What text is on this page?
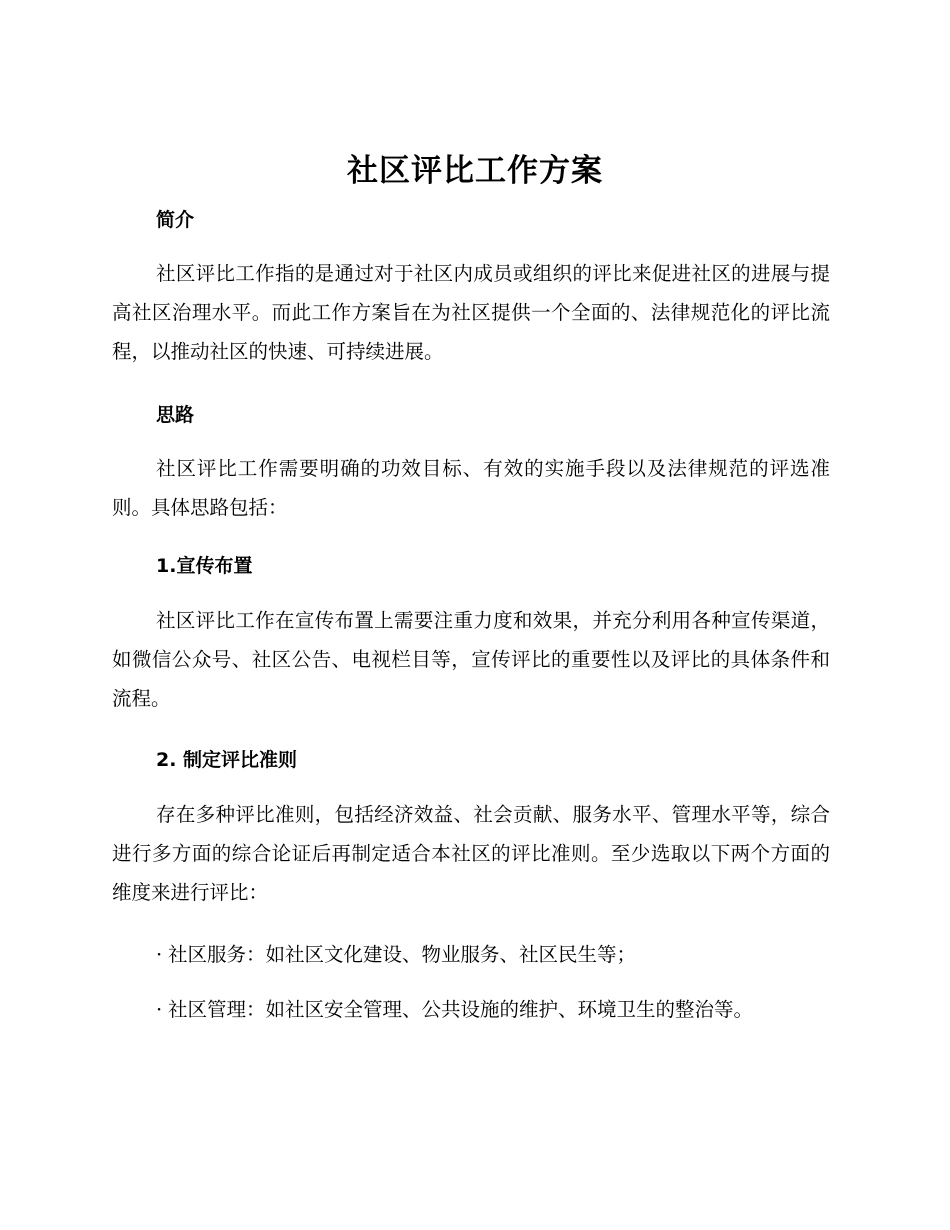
社区评比工作方案
简介

社区评比工作指的是通过对于社区内成员或组织的评比来促进社区的进展与提高社区治理水平。而此工作方案旨在为社区提供一个全面的、法律规范化的评比流程，以推动社区的快速、可持续进展。

思路

社区评比工作需要明确的功效目标、有效的实施手段以及法律规范的评选准则。具体思路包括：

1.宣传布置

社区评比工作在宣传布置上需要注重力度和效果，并充分利用各种宣传渠道，如微信公众号、社区公告、电视栏目等，宣传评比的重要性以及评比的具体条件和流程。

2. 制定评比准则

存在多种评比准则，包括经济效益、社会贡献、服务水平、管理水平等，综合进行多方面的综合论证后再制定适合本社区的评比准则。至少选取以下两个方面的维度来进行评比：

· 社区服务：如社区文化建设、物业服务、社区民生等；

· 社区管理：如社区安全管理、公共设施的维护、环境卫生的整治等。
